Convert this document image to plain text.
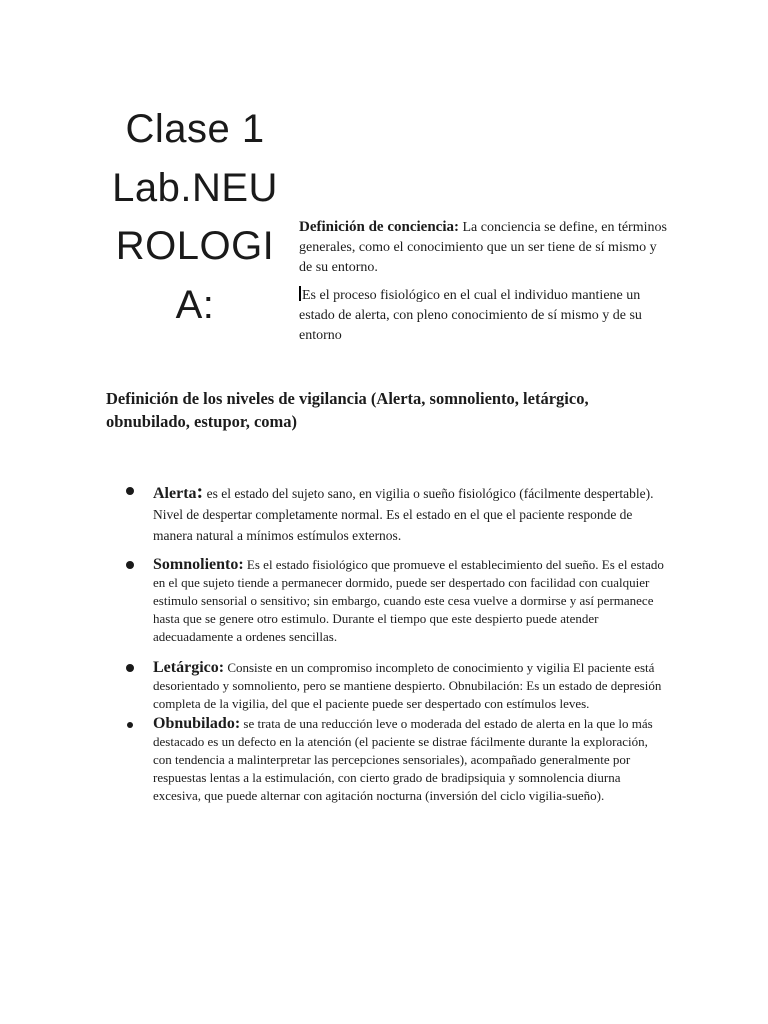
Clase 1
Lab.NEU
ROLOGI
A:

Definición de conciencia: La conciencia se define, en términos generales, como el conocimiento que un ser tiene de sí mismo y de su entorno.

Es el proceso fisiológico en el cual el individuo mantiene un estado de alerta, con pleno conocimiento de sí mismo y de su entorno

Definición de los niveles de vigilancia (Alerta, somnoliento, letárgico, obnubilado, estupor, coma)
Alerta: es el estado del sujeto sano, en vigilia o sueño fisiológico (fácilmente despertable). Nivel de despertar completamente normal. Es el estado en el que el paciente responde de manera natural a mínimos estímulos externos.
Somnoliento: Es el estado fisiológico que promueve el establecimiento del sueño. Es el estado en el que sujeto tiende a permanecer dormido, puede ser despertado con facilidad con cualquier estimulo sensorial o sensitivo; sin embargo, cuando este cesa vuelve a dormirse y así permanece hasta que se genere otro estimulo. Durante el tiempo que este despierto puede atender adecuadamente a ordenes sencillas.
Letárgico: Consiste en un compromiso incompleto de conocimiento y vigilia El paciente está desorientado y somnoliento, pero se mantiene despierto. Obnubilación: Es un estado de depresión completa de la vigilia, del que el paciente puede ser despertado con estímulos leves.
Obnubilado: se trata de una reducción leve o moderada del estado de alerta en la que lo más destacado es un defecto en la atención (el paciente se distrae fácilmente durante la exploración, con tendencia a malinterpretar las percepciones sensoriales), acompañado generalmente por respuestas lentas a la estimulación, con cierto grado de bradipsiquia y somnolencia diurna excesiva, que puede alternar con agitación nocturna (inversión del ciclo vigilia-sueño).
